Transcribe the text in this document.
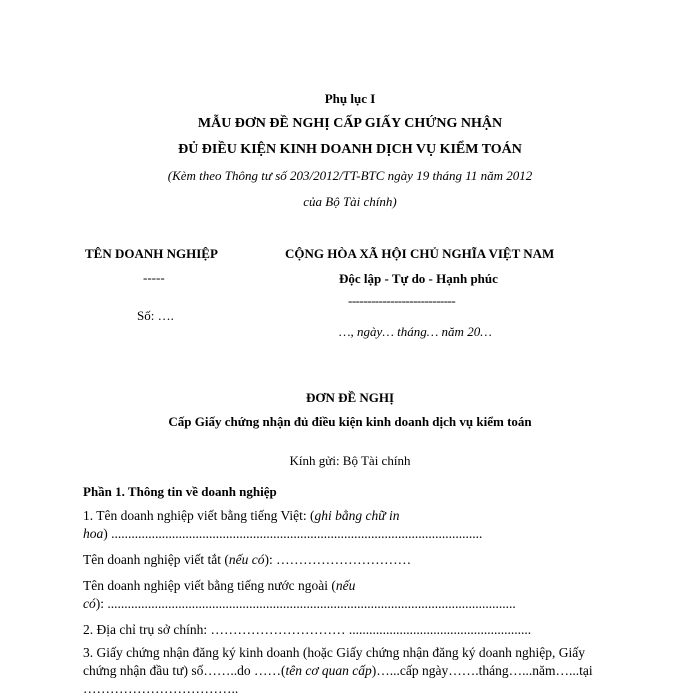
Phụ lục I
MẪU ĐƠN ĐỀ NGHỊ CẤP GIẤY CHỨNG NHẬN
ĐỦ ĐIỀU KIỆN KINH DOANH DỊCH VỤ KIỂM TOÁN
(Kèm theo Thông tư số 203/2012/TT-BTC ngày 19 tháng 11 năm 2012
của Bộ Tài chính)
TÊN DOANH NGHIỆP
-----
Số: ….
CỘNG HÒA XÃ HỘI CHỦ NGHĨA VIỆT NAM
Độc lập - Tự do - Hạnh phúc
----------------------------
…, ngày… tháng… năm 20…
ĐƠN ĐỀ NGHỊ
Cấp Giấy chứng nhận đủ điều kiện kinh doanh dịch vụ kiểm toán
Kính gửi: Bộ Tài chính
Phần 1. Thông tin về doanh nghiệp
1. Tên doanh nghiệp viết bằng tiếng Việt: (ghi bằng chữ in
hoa) ..............................................................................................................
Tên doanh nghiệp viết tắt (nếu có): …………………………
Tên doanh nghiệp viết bằng tiếng nước ngoài (nếu
có): .........................................................................................................................
2. Địa chỉ trụ sở chính: ………………………… ......................................................
3. Giấy chứng nhận đăng ký kinh doanh (hoặc Giấy chứng nhận đăng ký doanh nghiệp, Giấy
chứng nhận đầu tư) số……..do ……(tên cơ quan cấp)…...cấp ngày…….tháng…...năm…...tại
……………………………..
